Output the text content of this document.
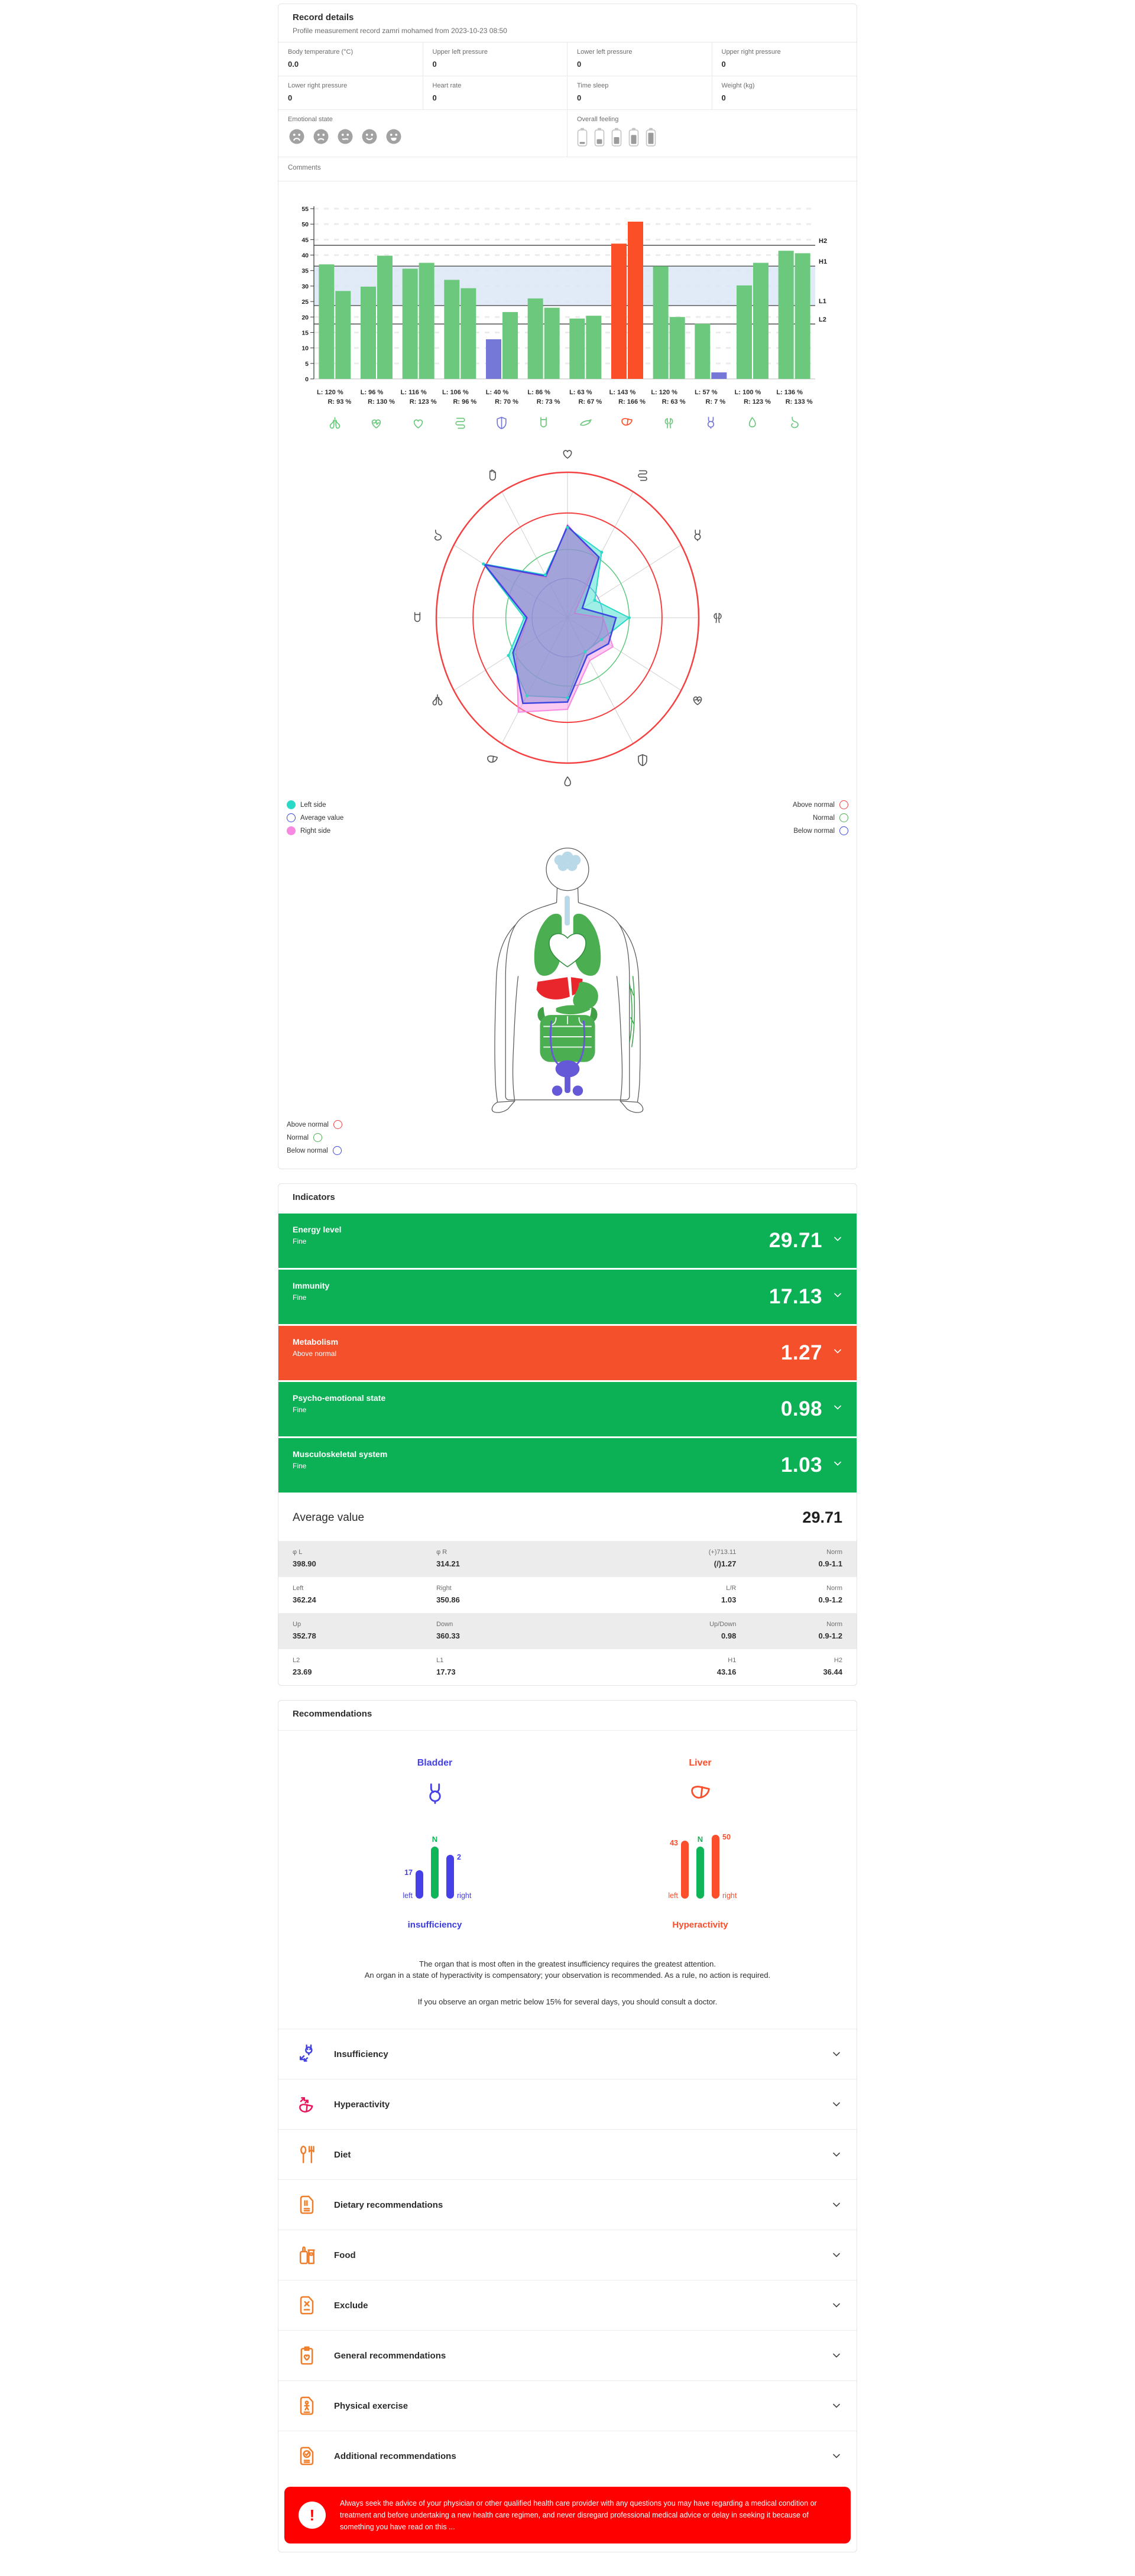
Record details

Profile measurement record zamri mohamed from 2023-10-23 08:50

Body temperature (°C)
0.0
Upper left pressure
0
Lower left pressure
0
Upper right pressure
0
Lower right pressure
0
Heart rate
0
Time sleep
0
Weight (kg)
0
Emotional state	Overall feeling
Comments
0
5
10
15
20
25
30
35
40
45
50
55
H2
H1
L1
L2
L: 120 %
R: 93 %
L: 96 %
R: 130 %
L: 116 %
R: 123 %
L: 106 %
R: 96 %
L: 40 %
R: 70 %
L: 86 %
R: 73 %
L: 63 %
R: 67 %
L: 143 %
R: 166 %
L: 120 %
R: 63 %
L: 57 %
R: 7 %
L: 100 %
R: 123 %
L: 136 %
R: 133 %
Left side
Average value
Right side
Above normal
Normal
Below normal
Above normal
Normal
Below normal
Indicators
Energy level
Fine	29.71
Immunity
Fine	17.13
Metabolism
Above normal	1.27
Psycho-emotional state
Fine	0.98
Musculoskeletal system
Fine	1.03
Average value	29.71
φ L
398.90
φ R
314.21
(+)713.11
(/)1.27
Norm
0.9-1.1
Left
362.24
Right
350.86
L/R
1.03
Norm
0.9-1.2
Up
352.78
Down
360.33
Up/Down
0.98
Norm
0.9-1.2
L2
23.69
L1
17.73
H1
43.16
H2
36.44
Recommendations
Bladder
17
left
N
2
right
insufficiency
Liver
43
left
N	50
right
Hyperactivity

The organ that is most often in the greatest insufficiency requires the greatest attention.

An organ in a state of hyperactivity is compensatory; your observation is recommended. As a rule, no action is required.

If you observe an organ metric below 15% for several days, you should consult a doctor.

Insufficiency
Hyperactivity
Diet
Dietary recommendations
Food
Exclude
General recommendations
Physical exercise
Additional recommendations
!

Always seek the advice of your physician or other qualified health care provider with any questions you may have regarding a medical condition or treatment and before undertaking a new health care regimen, and never disregard professional medical advice or delay in seeking it because of something you have read on this ...
